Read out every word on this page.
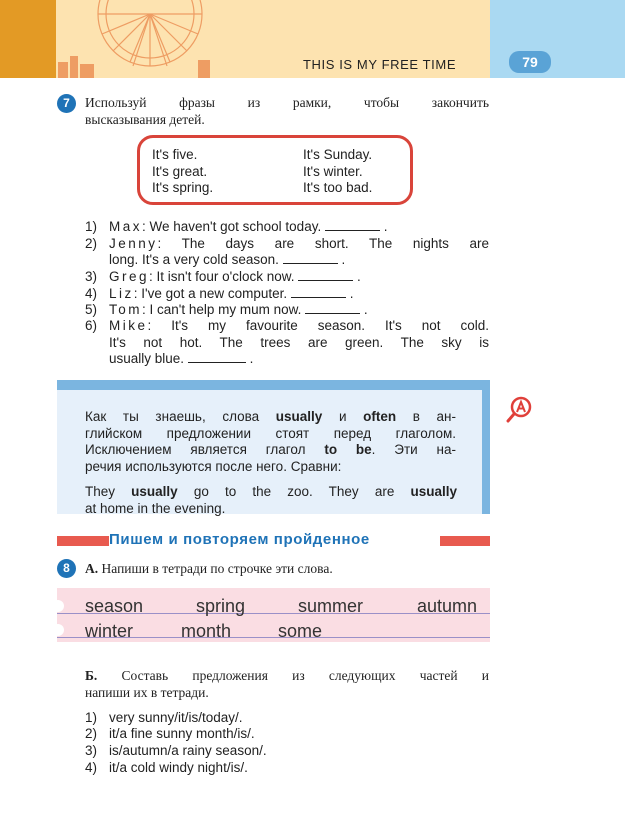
THIS IS MY FREE TIME	79
7	Используй фразы из рамки, чтобы закончить
высказывания детей.
It's five.
It's great.
It's spring.
It's Sunday.
It's winter.
It's too bad.
1) Max: We haven't got school today.	.
2) Jenny: The days are short. The nights are
long. It's a very cold season.	.
3) Greg: It isn't four o'clock now.	.
4) Liz: I've got a new computer.	.
5) Tom: I can't help my mum now.	.
6) Mike: It's my favourite season. It's not cold.
It's not hot. The trees are green. The sky is
usually blue.	.
Как ты знаешь, слова usually и often в ан-
глийском предложении стоят перед глаголом.
Исключением является глагол to be. Эти на-
речия используются после него. Сравни:
They usually go to the zoo. They are usually
at home in the evening.
Пишем и повторяем пройденное
8	А. Напиши в тетради по строчке эти слова.
season	spring	summer	autumn
winter	month	some
Б. Составь предложения из следующих частей и
напиши их в тетради.
1) very sunny/it/is/today/.
2) it/a fine sunny month/is/.
3) is/autumn/a rainy season/.
4) it/a cold windy night/is/.
